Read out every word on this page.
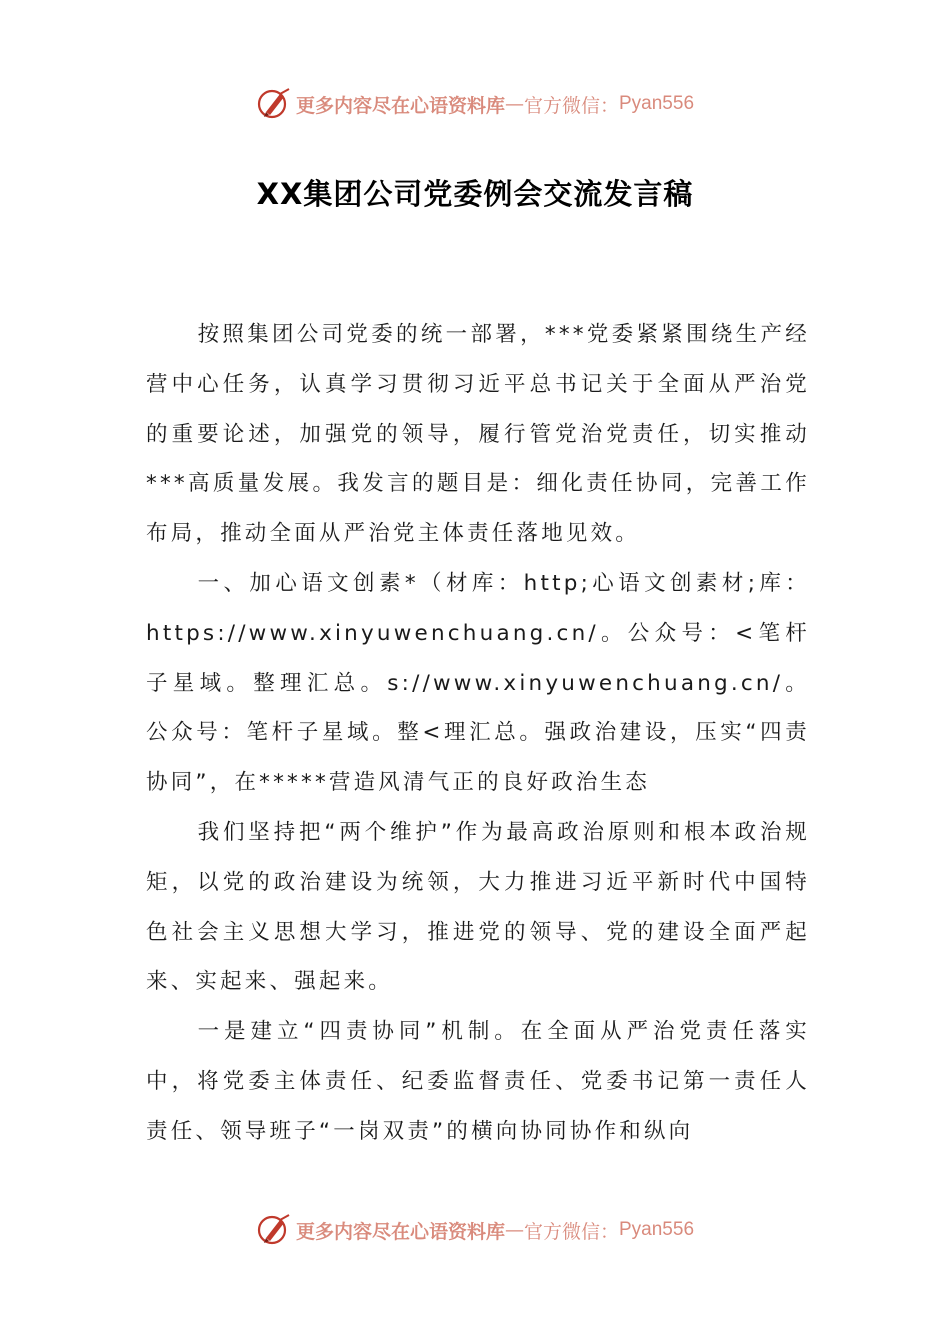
更多内容尽在心语资料库 — 官方微信： Pyan556
XX集团公司党委例会交流发言稿

按照集团公司党委的统一部署，***党委紧紧围绕生产经营中心任务，认真学习贯彻习近平总书记关于全面从严治党的重要论述，加强党的领导，履行管党治党责任，切实推动***高质量发展。我发言的题目是：细化责任协同，完善工作布局，推动全面从严治党主体责任落地见效。

一、加心语文创素*（材库：http;心语文创素材;库：https://www.xinyuwenchuang.cn/。公众号：<笔杆子星域。整理汇总。s://www.xinyuwenchuang.cn/。公众号：笔杆子星域。整<理汇总。强政治建设，压实“四责协同”，在*****营造风清气正的良好政治生态

我们坚持把“两个维护”作为最高政治原则和根本政治规矩，以党的政治建设为统领，大力推进习近平新时代中国特色社会主义思想大学习，推进党的领导、党的建设全面严起来、实起来、强起来。

一是建立“四责协同”机制。在全面从严治党责任落实中，将党委主体责任、纪委监督责任、党委书记第一责任人责任、领导班子“一岗双责”的横向协同协作和纵向

更多内容尽在心语资料库 — 官方微信： Pyan556
